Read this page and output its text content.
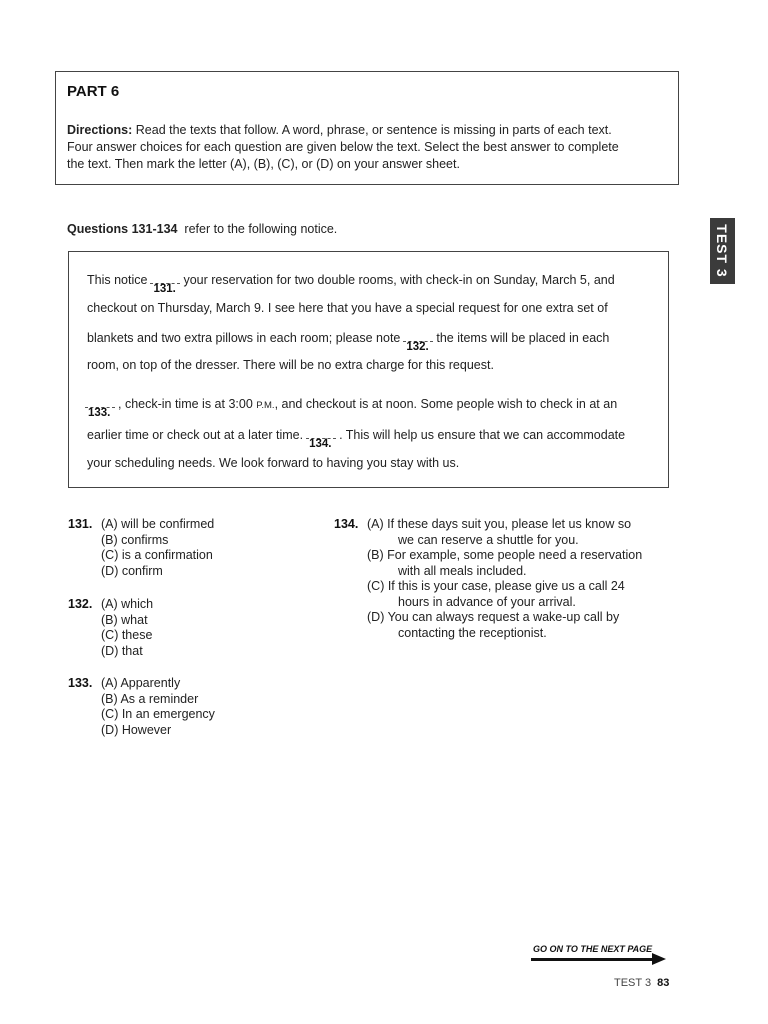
PART 6
Directions: Read the texts that follow. A word, phrase, or sentence is missing in parts of each text.
Four answer choices for each question are given below the text. Select the best answer to complete
the text. Then mark the letter (A), (B), (C), or (D) on your answer sheet.
Questions 131-134 refer to the following notice.
This notice
131.
your reservation for two double rooms, with check-in on Sunday, March 5, and
checkout on Thursday, March 9. I see here that you have a special request for one extra set of
blankets and two extra pillows in each room; please note
132.
the items will be placed in each
room, on top of the dresser. There will be no extra charge for this request.
133.
, check-in time is at 3:00 P.M., and checkout is at noon. Some people wish to check in at an
earlier time or check out at a later time.
134.
. This will help us ensure that we can accommodate
your scheduling needs. We look forward to having you stay with us.
TEST 3
131. (A) will be confirmed
(B) confirms
(C) is a confirmation
(D) confirm
132. (A) which
(B) what
(C) these
(D) that
133. (A) Apparently
(B) As a reminder
(C) In an emergency
(D) However
134. (A) If these days suit you, please let us know so
we can reserve a shuttle for you.
(B) For example, some people need a reservation
with all meals included.
(C) If this is your case, please give us a call 24
hours in advance of your arrival.
(D) You can always request a wake-up call by
contacting the receptionist.
GO ON TO THE NEXT PAGE
TEST 3 83
